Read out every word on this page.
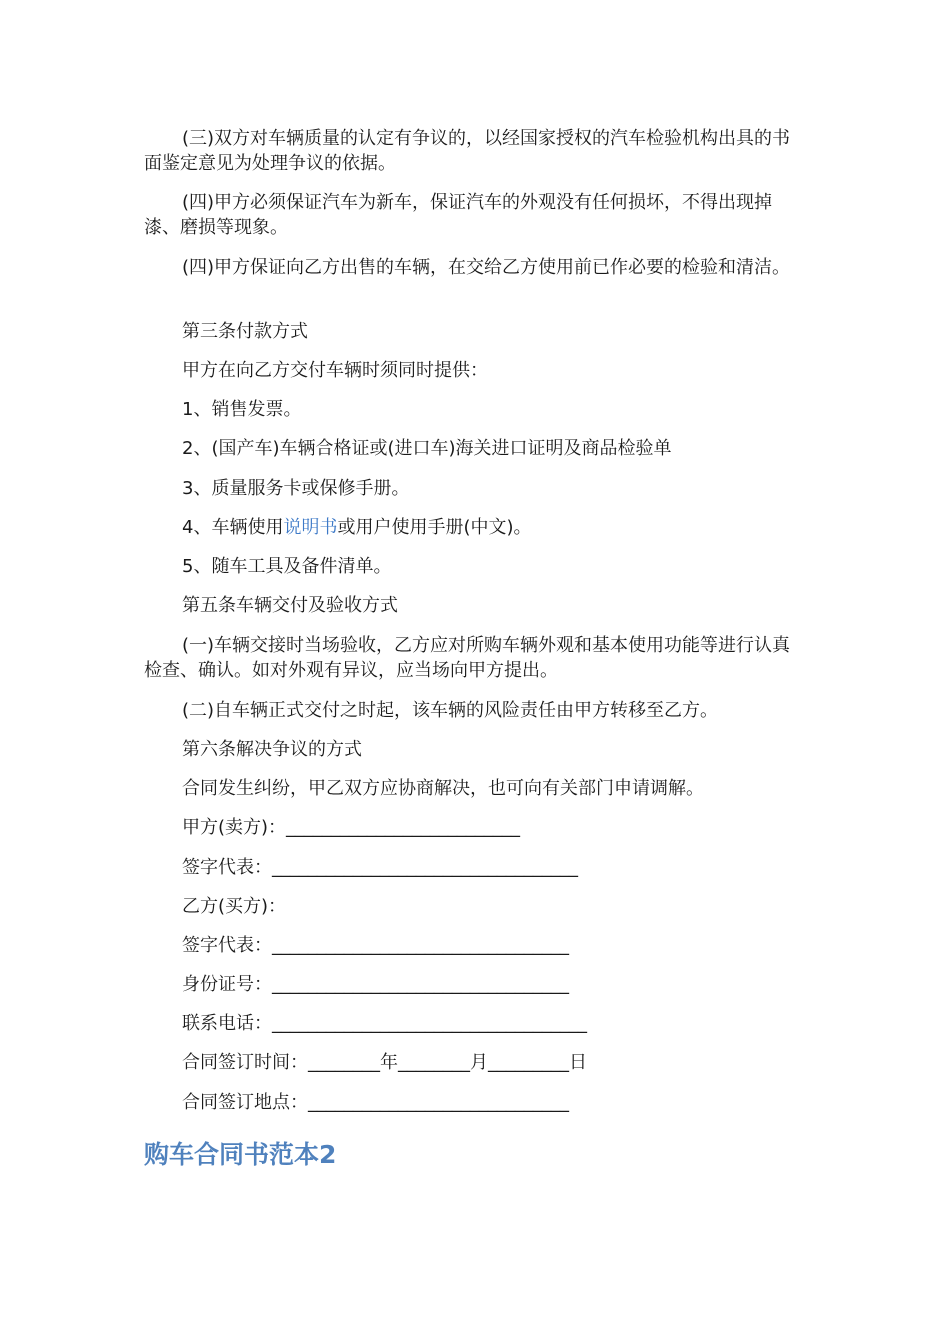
(三)双方对车辆质量的认定有争议的，以经国家授权的汽车检验机构出具的书面鉴定意见为处理争议的依据。

(四)甲方必须保证汽车为新车，保证汽车的外观没有任何损坏，不得出现掉漆、磨损等现象。

(四)甲方保证向乙方出售的车辆，在交给乙方使用前已作必要的检验和清洁。

第三条付款方式

甲方在向乙方交付车辆时须同时提供：

1、销售发票。

2、(国产车)车辆合格证或(进口车)海关进口证明及商品检验单

3、质量服务卡或保修手册。

4、车辆使用说明书或用户使用手册(中文)。

5、随车工具及备件清单。

第五条车辆交付及验收方式

(一)车辆交接时当场验收，乙方应对所购车辆外观和基本使用功能等进行认真检查、确认。如对外观有异议，应当场向甲方提出。

(二)自车辆正式交付之时起，该车辆的风险责任由甲方转移至乙方。

第六条解决争议的方式

合同发生纠纷，甲乙双方应协商解决，也可向有关部门申请调解。

甲方(卖方)：__________________________

签字代表：__________________________________

乙方(买方)：

签字代表：_________________________________

身份证号：_________________________________

联系电话：___________________________________

合同签订时间：________年________月_________日

合同签订地点：_____________________________

购车合同书范本2
